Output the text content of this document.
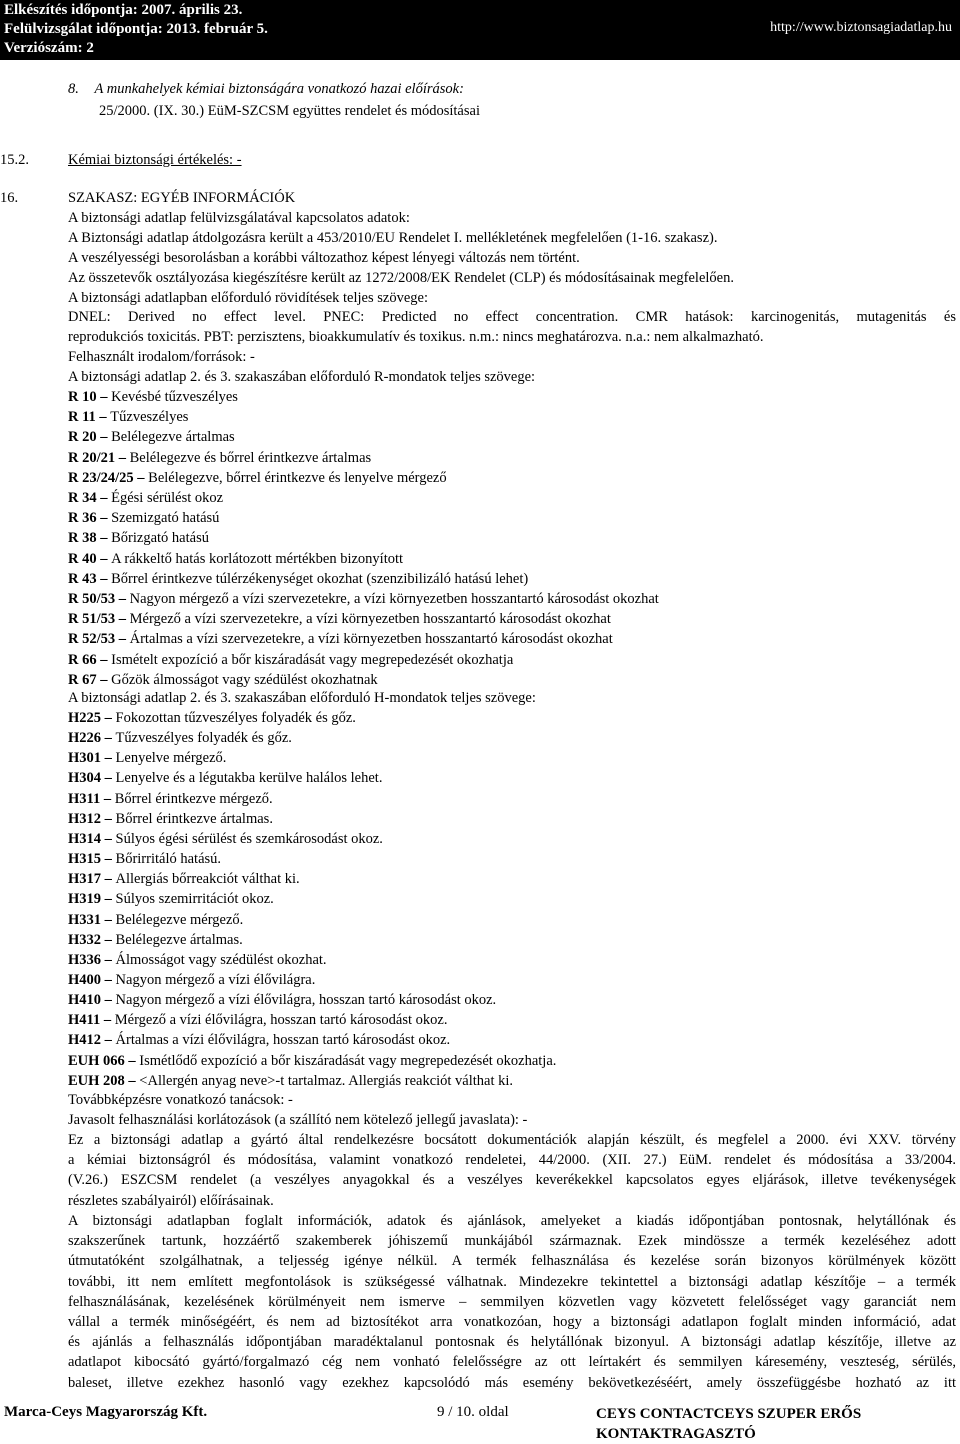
Elkészítés időpontja: 2007. április 23.
Felülvizsgálat időpontja: 2013. február 5.
Verziószám: 2
http://www.biztonsagiadatlap.hu
8. A munkahelyek kémiai biztonságára vonatkozó hazai előírások:
25/2000. (IX. 30.) EüM-SZCSM együttes rendelet és módosításai
15.2.	Kémiai biztonsági értékelés: -
16.	SZAKASZ: EGYÉB INFORMÁCIÓK
A biztonsági adatlap felülvizsgálatával kapcsolatos adatok:
A Biztonsági adatlap átdolgozásra került a 453/2010/EU Rendelet I. mellékletének megfelelően (1-16. szakasz).
A veszélyességi besorolásban a korábbi változathoz képest lényegi változás nem történt.
Az összetevők osztályozása kiegészítésre került az 1272/2008/EK Rendelet (CLP) és módosításainak megfelelően.
A biztonsági adatlapban előforduló rövidítések teljes szövege:
DNEL: Derived no effect level. PNEC: Predicted no effect concentration. CMR hatások: karcinogenitás, mutagenitás és
reprodukciós toxicitás. PBT: perzisztens, bioakkumulatív és toxikus. n.m.: nincs meghatározva. n.a.: nem alkalmazható.
Felhasznált irodalom/források: -
A biztonsági adatlap 2. és 3. szakaszában előforduló R-mondatok teljes szövege:
R 10 – Kevésbé tűzveszélyes
R 11 – Tűzveszélyes
R 20 – Belélegezve ártalmas
R 20/21 – Belélegezve és bőrrel érintkezve ártalmas
R 23/24/25 – Belélegezve, bőrrel érintkezve és lenyelve mérgező
R 34 – Égési sérülést okoz
R 36 – Szemizgató hatású
R 38 – Bőrizgató hatású
R 40 – A rákkeltő hatás korlátozott mértékben bizonyított
R 43 – Bőrrel érintkezve túlérzékenységet okozhat (szenzibilizáló hatású lehet)
R 50/53 – Nagyon mérgező a vízi szervezetekre, a vízi környezetben hosszantartó károsodást okozhat
R 51/53 – Mérgező a vízi szervezetekre, a vízi környezetben hosszantartó károsodást okozhat
R 52/53 – Ártalmas a vízi szervezetekre, a vízi környezetben hosszantartó károsodást okozhat
R 66 – Ismételt expozíció a bőr kiszáradását vagy megrepedezését okozhatja
R 67 – Gőzök álmosságot vagy szédülést okozhatnak
A biztonsági adatlap 2. és 3. szakaszában előforduló H-mondatok teljes szövege:
H225 – Fokozottan tűzveszélyes folyadék és gőz.
H226 – Tűzveszélyes folyadék és gőz.
H301 – Lenyelve mérgező.
H304 – Lenyelve és a légutakba kerülve halálos lehet.
H311 – Bőrrel érintkezve mérgező.
H312 – Bőrrel érintkezve ártalmas.
H314 – Súlyos égési sérülést és szemkárosodást okoz.
H315 – Bőrirritáló hatású.
H317 – Allergiás bőrreakciót válthat ki.
H319 – Súlyos szemirritációt okoz.
H331 – Belélegezve mérgező.
H332 – Belélegezve ártalmas.
H336 – Álmosságot vagy szédülést okozhat.
H400 – Nagyon mérgező a vízi élővilágra.
H410 – Nagyon mérgező a vízi élővilágra, hosszan tartó károsodást okoz.
H411 – Mérgező a vízi élővilágra, hosszan tartó károsodást okoz.
H412 – Ártalmas a vízi élővilágra, hosszan tartó károsodást okoz.
EUH 066 – Ismétlődő expozíció a bőr kiszáradását vagy megrepedezését okozhatja.
EUH 208 – <Allergén anyag neve>-t tartalmaz. Allergiás reakciót válthat ki.
Továbbképzésre vonatkozó tanácsok: -
Javasolt felhasználási korlátozások (a szállító nem kötelező jellegű javaslata): -
Ez a biztonsági adatlap a gyártó által rendelkezésre bocsátott dokumentációk alapján készült, és megfelel a 2000. évi XXV. törvény
a kémiai biztonságról és módosítása, valamint vonatkozó rendeletei, 44/2000. (XII. 27.) EüM. rendelet és módosítása a 33/2004.
(V.26.) ESZCSM rendelet (a veszélyes anyagokkal és a veszélyes keverékekkel kapcsolatos egyes eljárások, illetve tevékenységek
részletes szabályairól) előírásainak.
A biztonsági adatlapban foglalt információk, adatok és ajánlások, amelyeket a kiadás időpontjában pontosnak, helytállónak és
szakszerűnek tartunk, hozzáértő szakemberek jóhiszemű munkájából származnak. Ezek mindössze a termék kezeléséhez adott
útmutatóként szolgálhatnak, a teljesség igénye nélkül. A termék felhasználása és kezelése során bizonyos körülmények között
további, itt nem említett megfontolások is szükségessé válhatnak. Mindezekre tekintettel a biztonsági adatlap készítője – a termék
felhasználásának, kezelésének körülményeit nem ismerve – semmilyen közvetlen vagy közvetett felelősséget vagy garanciát nem
vállal a termék minőségéért, és nem ad biztosítékot arra vonatkozóan, hogy a biztonsági adatlapon foglalt minden információ, adat
és ajánlás a felhasználás időpontjában maradéktalanul pontosnak és helytállónak bizonyul. A biztonsági adatlap készítője, illetve az
adatlapot kibocsátó gyártó/forgalmazó cég nem vonható felelősségre az ott leírtakért és semmilyen káresemény, veszteség, sérülés,
baleset, illetve ezekhez hasonló vagy ezekhez kapcsolódó más esemény bekövetkezéséért, amely összefüggésbe hozható az itt
Marca-Ceys Magyarország Kft.	9 / 10. oldal	CEYS CONTACTCEYS SZUPER ERŐS
KONTAKTRAGASZTÓ
